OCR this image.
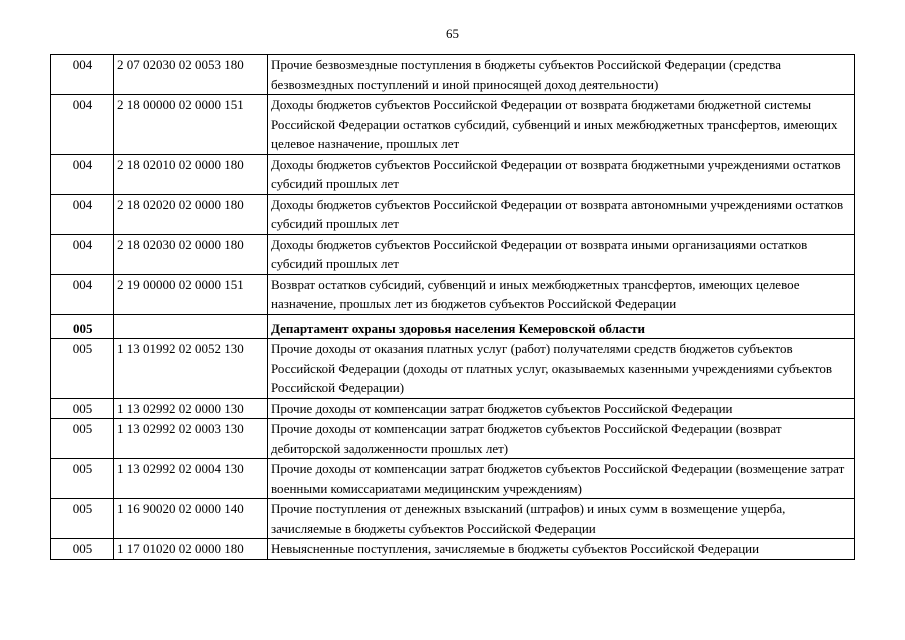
65
004	2 07 02030 02 0053 180	Прочие безвозмездные поступления в бюджеты субъектов Российской Федерации (средства безвозмездных поступлений и иной приносящей доход деятельности)
004	2 18 00000 02 0000 151	Доходы бюджетов субъектов Российской Федерации от возврата бюджетами бюджетной системы Российской Федерации остатков субсидий, субвенций и иных межбюджетных трансфертов, имеющих целевое назначение, прошлых лет
004	2 18 02010 02 0000 180	Доходы бюджетов субъектов Российской Федерации от возврата бюджетными учреждениями остатков субсидий прошлых лет
004	2 18 02020 02 0000 180	Доходы бюджетов субъектов Российской Федерации от возврата автономными учреждениями остатков субсидий прошлых лет
004	2 18 02030 02 0000 180	Доходы бюджетов субъектов Российской Федерации от возврата иными организациями остатков субсидий прошлых лет
004	2 19 00000 02 0000 151	Возврат остатков субсидий, субвенций и иных межбюджетных трансфертов, имеющих целевое назначение, прошлых лет из бюджетов субъектов Российской Федерации
005		Департамент охраны здоровья населения Кемеровской области
005	1 13 01992 02 0052 130	Прочие доходы от оказания платных услуг (работ) получателями средств бюджетов субъектов Российской Федерации (доходы от платных услуг, оказываемых казенными учреждениями субъектов Российской Федерации)
005	1 13 02992 02 0000 130	Прочие доходы от компенсации затрат бюджетов субъектов Российской Федерации
005	1 13 02992 02 0003 130	Прочие доходы от компенсации затрат бюджетов субъектов Российской Федерации (возврат дебиторской задолженности прошлых лет)
005	1 13 02992 02 0004 130	Прочие доходы от компенсации затрат бюджетов субъектов Российской Федерации (возмещение затрат военными комиссариатами медицинским учреждениям)
005	1 16 90020 02 0000 140	Прочие поступления от денежных взысканий (штрафов) и иных сумм в возмещение ущерба, зачисляемые в бюджеты субъектов Российской Федерации
005	1 17 01020 02 0000 180	Невыясненные поступления, зачисляемые в бюджеты субъектов Российской Федерации
